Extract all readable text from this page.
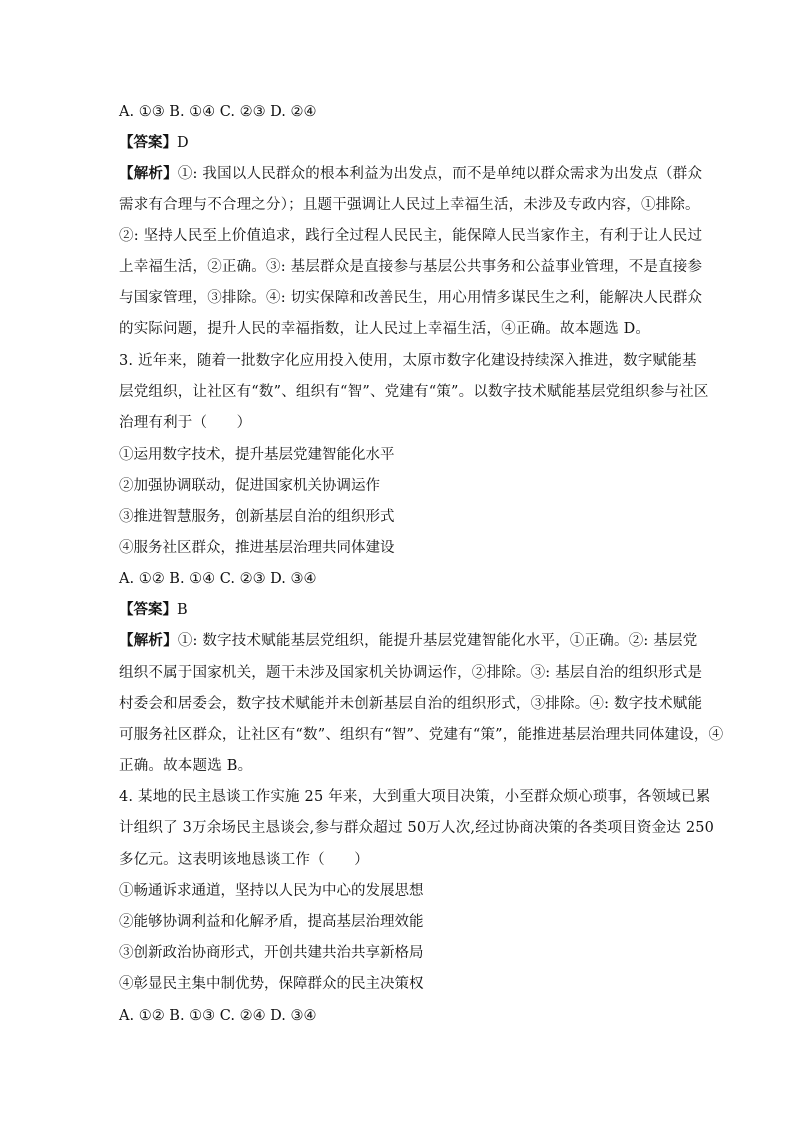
A. ①③ B. ①④ C. ②③ D. ②④
【答案】D
【解析】①: 我国以人民群众的根本利益为出发点，而不是单纯以群众需求为出发点（群众
需求有合理与不合理之分）；且题干强调让人民过上幸福生活，未涉及专政内容，①排除。
②: 坚持人民至上价值追求，践行全过程人民民主，能保障人民当家作主，有利于让人民过
上幸福生活，②正确。③: 基层群众是直接参与基层公共事务和公益事业管理，不是直接参
与国家管理，③排除。④: 切实保障和改善民生，用心用情多谋民生之利，能解决人民群众
的实际问题，提升人民的幸福指数，让人民过上幸福生活，④正确。故本题选 D。
3. 近年来，随着一批数字化应用投入使用，太原市数字化建设持续深入推进，数字赋能基
层党组织，让社区有“数”、组织有“智”、党建有“策”。以数字技术赋能基层党组织参与社区
治理有利于（　　）
①运用数字技术，提升基层党建智能化水平
②加强协调联动，促进国家机关协调运作
③推进智慧服务，创新基层自治的组织形式
④服务社区群众，推进基层治理共同体建设
A. ①② B. ①④ C. ②③ D. ③④
【答案】B
【解析】①: 数字技术赋能基层党组织，能提升基层党建智能化水平，①正确。②: 基层党
组织不属于国家机关，题干未涉及国家机关协调运作，②排除。③: 基层自治的组织形式是
村委会和居委会，数字技术赋能并未创新基层自治的组织形式，③排除。④: 数字技术赋能
可服务社区群众，让社区有“数”、组织有“智”、党建有“策”，能推进基层治理共同体建设，④
正确。故本题选 B。
4. 某地的民主恳谈工作实施 25 年来，大到重大项目决策，小至群众烦心琐事，各领域已累
计组织了 3万余场民主恳谈会,参与群众超过 50万人次,经过协商决策的各类项目资金达 250
多亿元。这表明该地恳谈工作（　　）
①畅通诉求通道，坚持以人民为中心的发展思想
②能够协调利益和化解矛盾，提高基层治理效能
③创新政治协商形式，开创共建共治共享新格局
④彰显民主集中制优势，保障群众的民主决策权
A. ①② B. ①③ C. ②④ D. ③④
